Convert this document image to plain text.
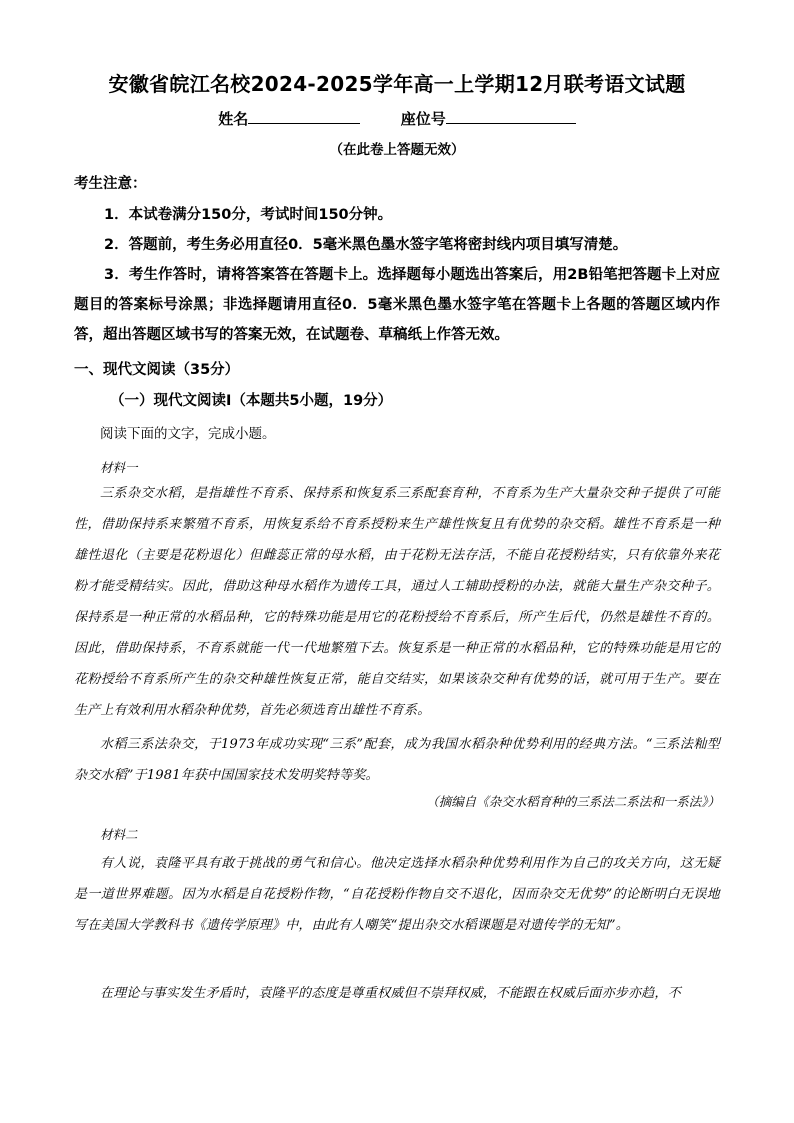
安徽省皖江名校2024-2025学年高一上学期12月联考语文试题
姓名	座位号
（在此卷上答题无效）
考生注意：

1．本试卷满分150分，考试时间150分钟。

2．答题前，考生务必用直径0．5毫米黑色墨水签字笔将密封线内项目填写清楚。

3．考生作答时，请将答案答在答题卡上。选择题每小题选出答案后，用2B铅笔把答题卡上对应题目的答案标号涂黑；非选择题请用直径0．5毫米黑色墨水签字笔在答题卡上各题的答题区域内作答，超出答题区域书写的答案无效，在试题卷、草稿纸上作答无效。

一、现代文阅读（35分）
（一）现代文阅读Ⅰ（本题共5小题，19分）
阅读下面的文字，完成小题。
材料一

三系杂交水稻，是指雄性不育系、保持系和恢复系三系配套育种，不育系为生产大量杂交种子提供了可能性，借助保持系来繁殖不育系，用恢复系给不育系授粉来生产雄性恢复且有优势的杂交稻。雄性不育系是一种雄性退化（主要是花粉退化）但雌蕊正常的母水稻，由于花粉无法存活，不能自花授粉结实，只有依靠外来花粉才能受精结实。因此，借助这种母水稻作为遗传工具，通过人工辅助授粉的办法，就能大量生产杂交种子。保持系是一种正常的水稻品种，它的特殊功能是用它的花粉授给不育系后，所产生后代，仍然是雄性不育的。因此，借助保持系，不育系就能一代一代地繁殖下去。恢复系是一种正常的水稻品种，它的特殊功能是用它的花粉授给不育系所产生的杂交种雄性恢复正常，能自交结实，如果该杂交种有优势的话，就可用于生产。要在生产上有效利用水稻杂种优势，首先必须选育出雄性不育系。

水稻三系法杂交，于1973年成功实现“三系”配套，成为我国水稻杂种优势利用的经典方法。“三系法籼型杂交水稻”于1981年获中国国家技术发明奖特等奖。

（摘编自《杂交水稻育种的三系法二系法和一系法》）
材料二

有人说，袁隆平具有敢于挑战的勇气和信心。他决定选择水稻杂种优势利用作为自己的攻关方向，这无疑是一道世界难题。因为水稻是自花授粉作物，“自花授粉作物自交不退化，因而杂交无优势”的论断明白无误地写在美国大学教科书《遗传学原理》中，由此有人嘲笑“提出杂交水稻课题是对遗传学的无知”。

在理论与事实发生矛盾时，袁隆平的态度是尊重权威但不崇拜权威，不能跟在权威后面亦步亦趋，不
